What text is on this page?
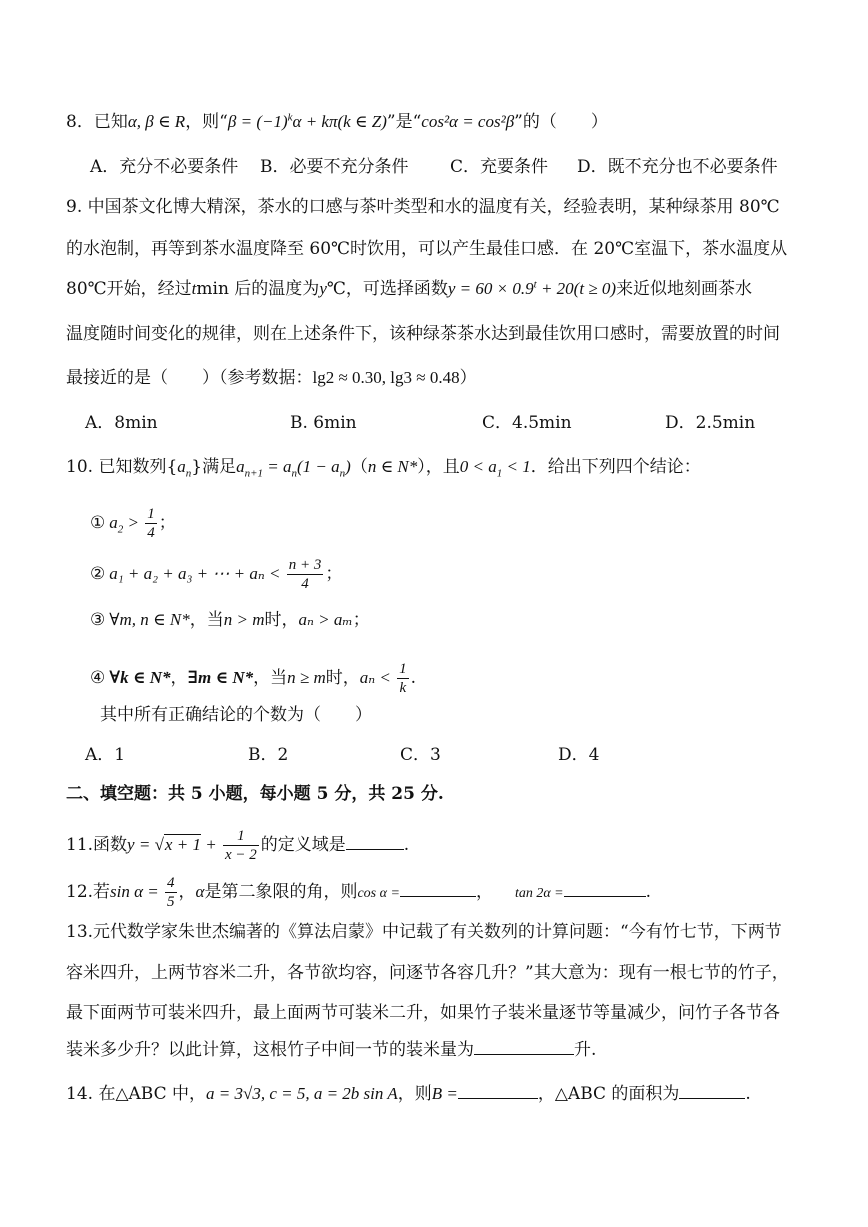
8．已知α, β ∈ R，则“$\beta = (-1)^k\alpha + k\pi(k$ ∈ Z)”是“cos²α = cos²β”的（　　）
A．充分不必要条件 B．必要不充分条件 C．充要条件 D．既不充分也不必要条件
9. 中国茶文化博大精深，茶水的口感与茶叶类型和水的温度有关，经验表明，某种绿茶用 80℃
的水泡制，再等到茶水温度降至 60℃时饮用，可以产生最佳口感．在 20℃室温下，茶水温度从
80℃开始，经过tmin 后的温度为y℃，可选择函数$y = 60 \times 0.9^t + 20(t \ge 0)$来近似地刻画茶水
温度随时间变化的规律，则在上述条件下，该种绿茶茶水达到最佳饮用口感时，需要放置的时间
最接近的是（　　）（参考数据：lg2 ≈ 0.30, lg3 ≈ 0.48）
A．8min	B. 6min	C．4.5min	D．2.5min
10. 已知数列$\{a_n\}$满足$a_{n+1} = a_n(1 - a_n)(n$ ∈ N*），且$0 < a_1 < 1$．给出下列四个结论：
① $a_2 > \frac{1}{4}$ ；
② a₁ + a₂ + a₃ + ⋯ + $a_n < \frac{n + 3}{4}$ ；
③ ∀m, n ∈ N*，当n > m时，aₙ > aₘ；
④ ∀k ∈ N*，∃m ∈ N*，当n ≥ m时，$a_n < \frac{1}{k}$ .
其中所有正确结论的个数为（　　）
A．1	B．2	C．3	D．4
二、填空题：共 5 小题，每小题 5 分，共 25 分.
11.函数$y = √x + 1 + \frac{1}{x - 2}$ 的定义域是	.
12.若$\sin \alpha = \frac{4}{5}$ ，α是第二象限的角，则cos α =	， tan 2α =	.
13.元代数学家朱世杰编著的《算法启蒙》中记载了有关数列的计算问题：“今有竹七节，下两节
容米四升，上两节容米二升，各节欲均容，问逐节各容几升？”其大意为：现有一根七节的竹子，
最下面两节可装米四升，最上面两节可装米二升，如果竹子装米量逐节等量减少，问竹子各节各
装米多少升？以此计算，这根竹子中间一节的装米量为	升.
14. 在△ABC 中，a = 3√3, c = 5, a = 2b sin A，则B =	，△ABC 的面积为	.
